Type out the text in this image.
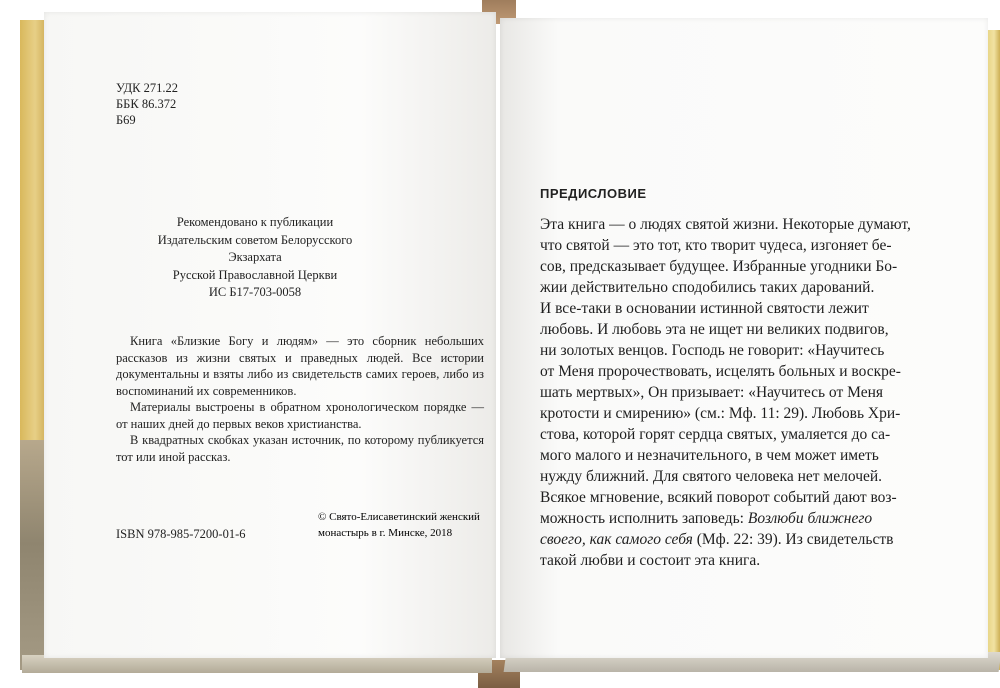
УДК 271.22
ББК 86.372
Б69
Рекомендовано к публикации
Издательским советом Белорусского Экзархата
Русской Православной Церкви
ИС Б17-703-0058

Книга «Близкие Богу и людям» — это сборник небольших рассказов из жизни святых и праведных людей. Все истории документальны и взяты либо из свидетельств самих героев, либо из воспоминаний их современников.

Материалы выстроены в обратном хронологическом порядке — от наших дней до первых веков христианства.

В квадратных скобках указан источник, по которому публикуется тот или иной рассказ.

ISBN 978-985-7200-01-6
© Свято-Елисаветинский женский
монастырь в г. Минске, 2018
ПРЕДИСЛОВИЕ
Эта книга — о людях святой жизни. Некоторые думают,
что святой — это тот, кто творит чудеса, изгоняет бе-
сов, предсказывает будущее. Избранные угодники Бо-
жии действительно сподобились таких дарований.
И все-таки в основании истинной святости лежит
любовь. И любовь эта не ищет ни великих подвигов,
ни золотых венцов. Господь не говорит: «Научитесь
от Меня пророчествовать, исцелять больных и воскре-
шать мертвых», Он призывает: «Научитесь от Меня
кротости и смирению» (см.: Мф. 11: 29). Любовь Хри-
стова, которой горят сердца святых, умаляется до са-
мого малого и незначительного, в чем может иметь
нужду ближний. Для святого человека нет мелочей.
Всякое мгновение, всякий поворот событий дают воз-
можность исполнить заповедь: Возлюби ближнего
своего, как самого себя (Мф. 22: 39). Из свидетельств
такой любви и состоит эта книга.
